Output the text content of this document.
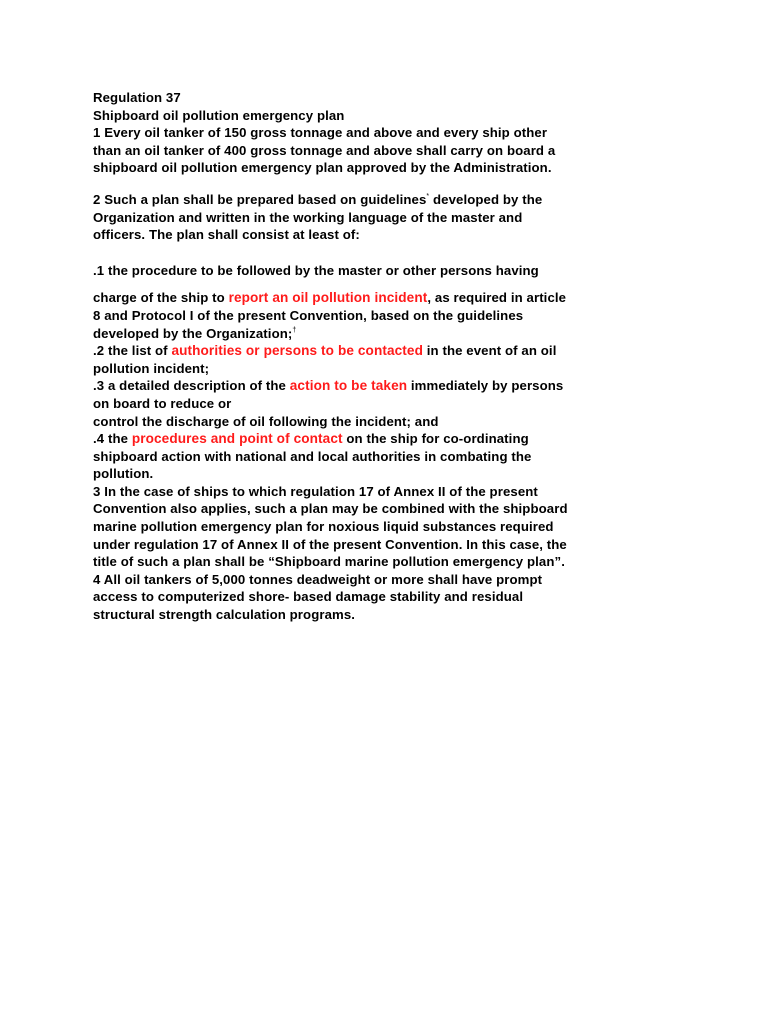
Regulation 37

Shipboard oil pollution emergency plan

1 Every oil tanker of 150 gross tonnage and above and every ship other

than an oil tanker of 400 gross tonnage and above shall carry on board a

shipboard oil pollution emergency plan approved by the Administration.

2 Such a plan shall be prepared based on guidelines* developed by the

Organization and written in the working language of the master and

officers. The plan shall consist at least of:

.1 the procedure to be followed by the master or other persons having

charge of the ship to report an oil pollution incident, as required in article

8 and Protocol I of the present Convention, based on the guidelines

developed by the Organization;†

.2 the list of authorities or persons to be contacted in the event of an oil

pollution incident;

.3 a detailed description of the action to be taken immediately by persons

on board to reduce or

control the discharge of oil following the incident; and

.4 the procedures and point of contact on the ship for co-ordinating

shipboard action with national and local authorities in combating the

pollution.

3 In the case of ships to which regulation 17 of Annex II of the present

Convention also applies, such a plan may be combined with the shipboard

marine pollution emergency plan for noxious liquid substances required

under regulation 17 of Annex II of the present Convention. In this case, the

title of such a plan shall be “Shipboard marine pollution emergency plan”.

4 All oil tankers of 5,000 tonnes deadweight or more shall have prompt

access to computerized shore- based damage stability and residual

structural strength calculation programs.
